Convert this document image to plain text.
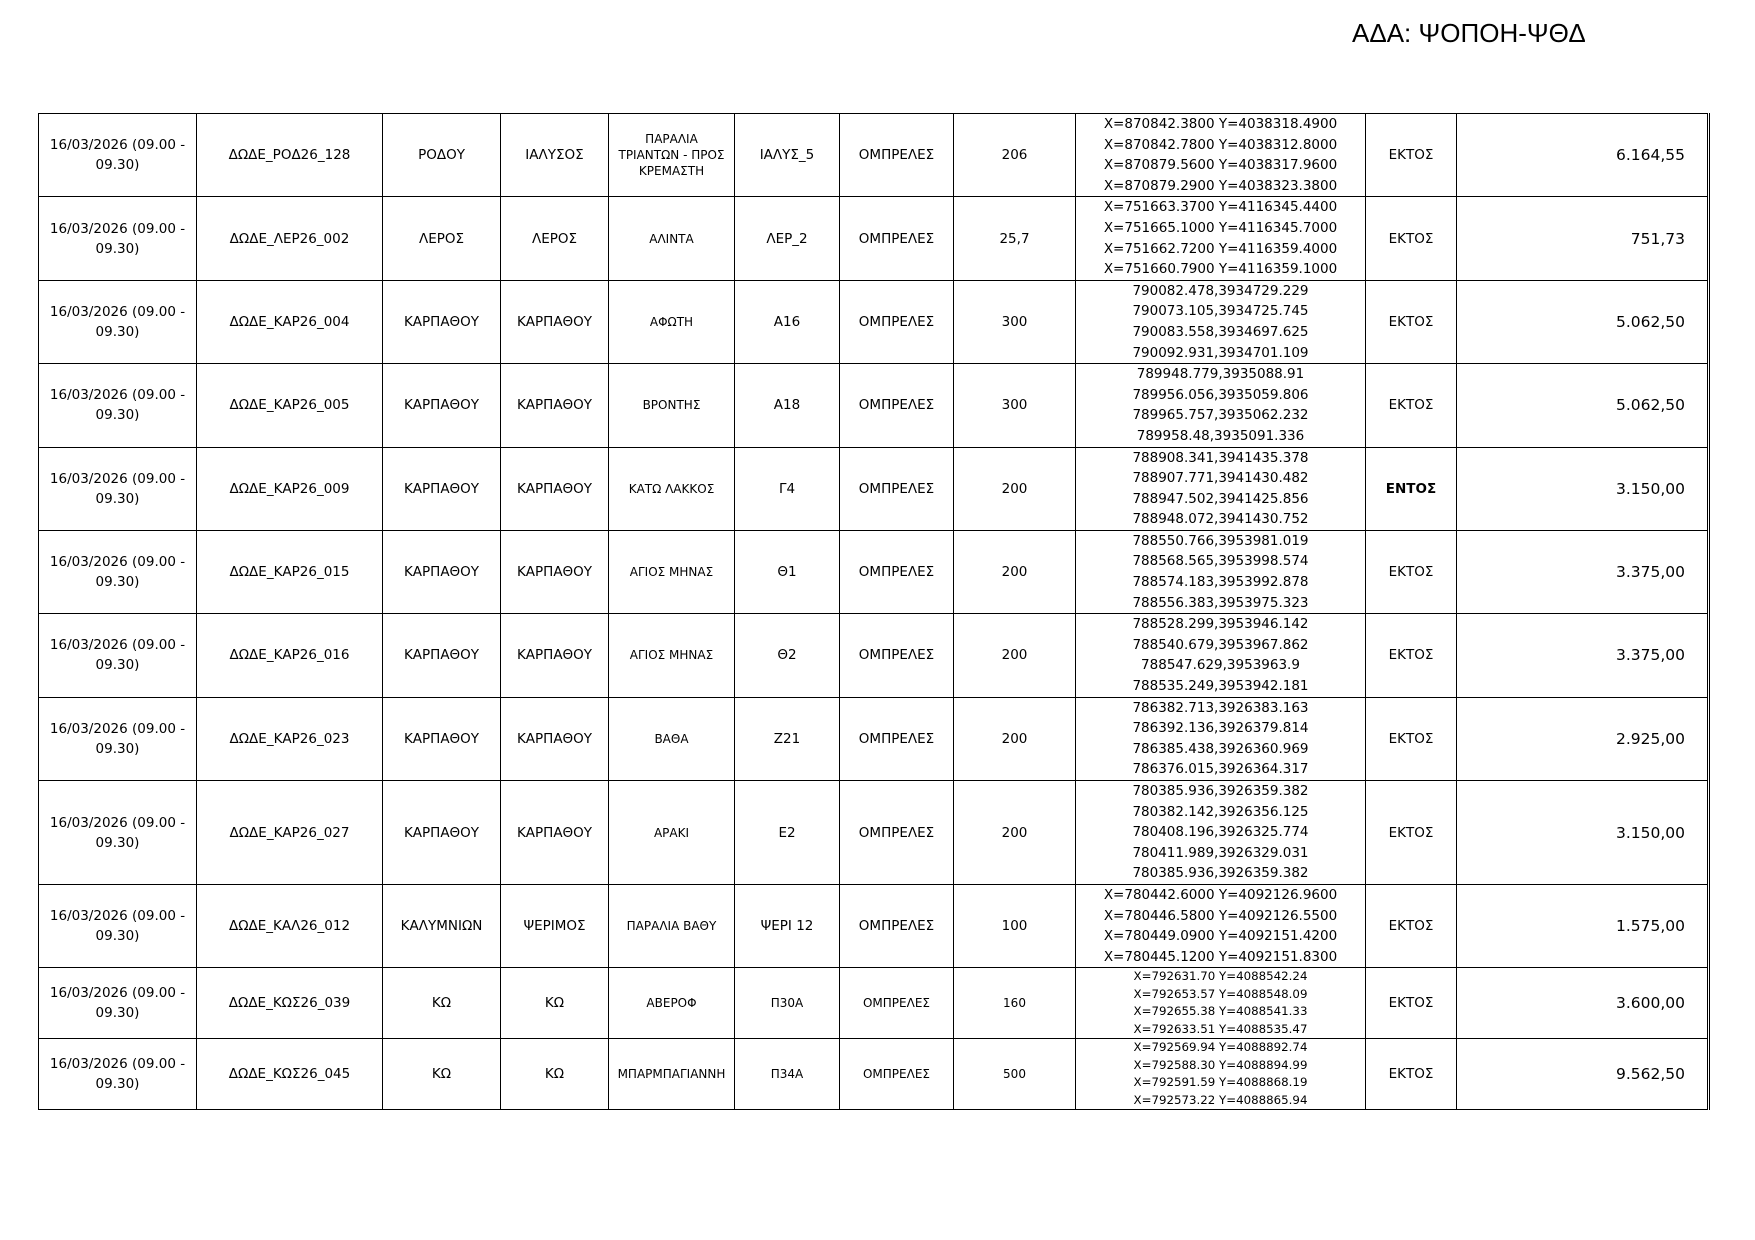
ΑΔΑ: ΨΟΠΟΗ-ΨΘΔ
16/03/2026 (09.00 - 09.30)	ΔΩΔΕ_ΡΟΔ26_128	ΡΟΔΟΥ	ΙΑΛΥΣΟΣ	ΠΑΡΑΛΙΑ ΤΡΙΑΝΤΩΝ - ΠΡΟΣ ΚΡΕΜΑΣΤΗ	ΙΑΛΥΣ_5	ΟΜΠΡΕΛΕΣ	206	X=870842.3800 Y=4038318.4900
X=870842.7800 Y=4038312.8000
X=870879.5600 Y=4038317.9600
X=870879.2900 Y=4038323.3800	ΕΚΤΟΣ	6.164,55
16/03/2026 (09.00 - 09.30)	ΔΩΔΕ_ΛΕΡ26_002	ΛΕΡΟΣ	ΛΕΡΟΣ	ΑΛΙΝΤΑ	ΛΕΡ_2	ΟΜΠΡΕΛΕΣ	25,7	X=751663.3700 Y=4116345.4400
X=751665.1000 Y=4116345.7000
X=751662.7200 Y=4116359.4000
X=751660.7900 Y=4116359.1000	ΕΚΤΟΣ	751,73
16/03/2026 (09.00 - 09.30)	ΔΩΔΕ_ΚΑΡ26_004	ΚΑΡΠΑΘΟΥ	ΚΑΡΠΑΘΟΥ	ΑΦΩΤΗ	Α16	ΟΜΠΡΕΛΕΣ	300	790082.478,3934729.229
790073.105,3934725.745
790083.558,3934697.625
790092.931,3934701.109	ΕΚΤΟΣ	5.062,50
16/03/2026 (09.00 - 09.30)	ΔΩΔΕ_ΚΑΡ26_005	ΚΑΡΠΑΘΟΥ	ΚΑΡΠΑΘΟΥ	ΒΡΟΝΤΗΣ	Α18	ΟΜΠΡΕΛΕΣ	300	789948.779,3935088.91
789956.056,3935059.806
789965.757,3935062.232
789958.48,3935091.336	ΕΚΤΟΣ	5.062,50
16/03/2026 (09.00 - 09.30)	ΔΩΔΕ_ΚΑΡ26_009	ΚΑΡΠΑΘΟΥ	ΚΑΡΠΑΘΟΥ	ΚΑΤΩ ΛΑΚΚΟΣ	Γ4	ΟΜΠΡΕΛΕΣ	200	788908.341,3941435.378
788907.771,3941430.482
788947.502,3941425.856
788948.072,3941430.752	ΕΝΤΟΣ	3.150,00
16/03/2026 (09.00 - 09.30)	ΔΩΔΕ_ΚΑΡ26_015	ΚΑΡΠΑΘΟΥ	ΚΑΡΠΑΘΟΥ	ΑΓΙΟΣ ΜΗΝΑΣ	Θ1	ΟΜΠΡΕΛΕΣ	200	788550.766,3953981.019
788568.565,3953998.574
788574.183,3953992.878
788556.383,3953975.323	ΕΚΤΟΣ	3.375,00
16/03/2026 (09.00 - 09.30)	ΔΩΔΕ_ΚΑΡ26_016	ΚΑΡΠΑΘΟΥ	ΚΑΡΠΑΘΟΥ	ΑΓΙΟΣ ΜΗΝΑΣ	Θ2	ΟΜΠΡΕΛΕΣ	200	788528.299,3953946.142
788540.679,3953967.862
788547.629,3953963.9
788535.249,3953942.181	ΕΚΤΟΣ	3.375,00
16/03/2026 (09.00 - 09.30)	ΔΩΔΕ_ΚΑΡ26_023	ΚΑΡΠΑΘΟΥ	ΚΑΡΠΑΘΟΥ	ΒΑΘΑ	Ζ21	ΟΜΠΡΕΛΕΣ	200	786382.713,3926383.163
786392.136,3926379.814
786385.438,3926360.969
786376.015,3926364.317	ΕΚΤΟΣ	2.925,00
16/03/2026 (09.00 - 09.30)	ΔΩΔΕ_ΚΑΡ26_027	ΚΑΡΠΑΘΟΥ	ΚΑΡΠΑΘΟΥ	ΑΡΑΚΙ	Ε2	ΟΜΠΡΕΛΕΣ	200	780385.936,3926359.382
780382.142,3926356.125
780408.196,3926325.774
780411.989,3926329.031
780385.936,3926359.382	ΕΚΤΟΣ	3.150,00
16/03/2026 (09.00 - 09.30)	ΔΩΔΕ_ΚΑΛ26_012	ΚΑΛΥΜΝΙΩΝ	ΨΕΡΙΜΟΣ	ΠΑΡΑΛΙΑ ΒΑΘΥ	ΨΕΡΙ 12	ΟΜΠΡΕΛΕΣ	100	X=780442.6000 Y=4092126.9600
X=780446.5800 Y=4092126.5500
X=780449.0900 Y=4092151.4200
X=780445.1200 Y=4092151.8300	ΕΚΤΟΣ	1.575,00
16/03/2026 (09.00 - 09.30)	ΔΩΔΕ_ΚΩΣ26_039	ΚΩ	ΚΩ	ΑΒΕΡΟΦ	Π30Α	ΟΜΠΡΕΛΕΣ	160	X=792631.70 Y=4088542.24
X=792653.57 Y=4088548.09
X=792655.38 Y=4088541.33
X=792633.51 Y=4088535.47	ΕΚΤΟΣ	3.600,00
16/03/2026 (09.00 - 09.30)	ΔΩΔΕ_ΚΩΣ26_045	ΚΩ	ΚΩ	ΜΠΑΡΜΠΑΓΙΑΝΝΗ	Π34Α	ΟΜΠΡΕΛΕΣ	500	X=792569.94 Y=4088892.74
X=792588.30 Y=4088894.99
X=792591.59 Y=4088868.19
X=792573.22 Y=4088865.94	ΕΚΤΟΣ	9.562,50
